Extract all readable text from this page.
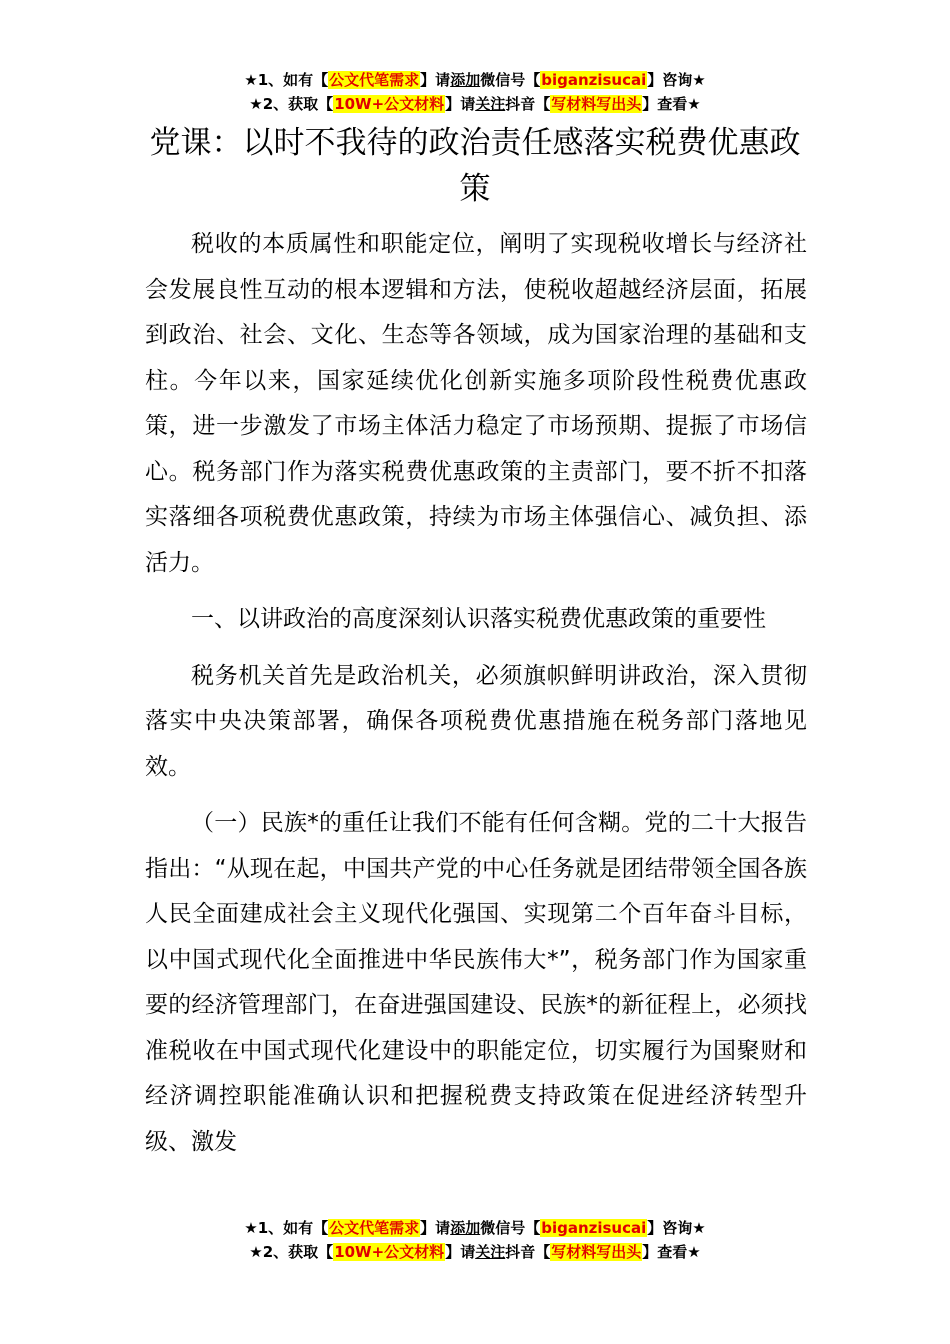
★1、如有【公文代笔需求】请添加微信号【biganzisucai】咨询★
★2、获取【10W+公文材料】请关注抖音【写材料写出头】查看★
党课：以时不我待的政治责任感落实税费优惠政策

税收的本质属性和职能定位，阐明了实现税收增长与经济社会发展良性互动的根本逻辑和方法，使税收超越经济层面，拓展到政治、社会、文化、生态等各领域，成为国家治理的基础和支柱。今年以来，国家延续优化创新实施多项阶段性税费优惠政策，进一步激发了市场主体活力稳定了市场预期、提振了市场信心。税务部门作为落实税费优惠政策的主责部门，要不折不扣落实落细各项税费优惠政策，持续为市场主体强信心、减负担、添活力。

一、以讲政治的高度深刻认识落实税费优惠政策的重要性

税务机关首先是政治机关，必须旗帜鲜明讲政治，深入贯彻落实中央决策部署，确保各项税费优惠措施在税务部门落地见效。

（一）民族*的重任让我们不能有任何含糊。党的二十大报告指出：“从现在起，中国共产党的中心任务就是团结带领全国各族人民全面建成社会主义现代化强国、实现第二个百年奋斗目标，以中国式现代化全面推进中华民族伟大*”，税务部门作为国家重要的经济管理部门，在奋进强国建设、民族*的新征程上，必须找准税收在中国式现代化建设中的职能定位，切实履行为国聚财和经济调控职能准确认识和把握税费支持政策在促进经济转型升级、激发

★1、如有【公文代笔需求】请添加微信号【biganzisucai】咨询★
★2、获取【10W+公文材料】请关注抖音【写材料写出头】查看★
